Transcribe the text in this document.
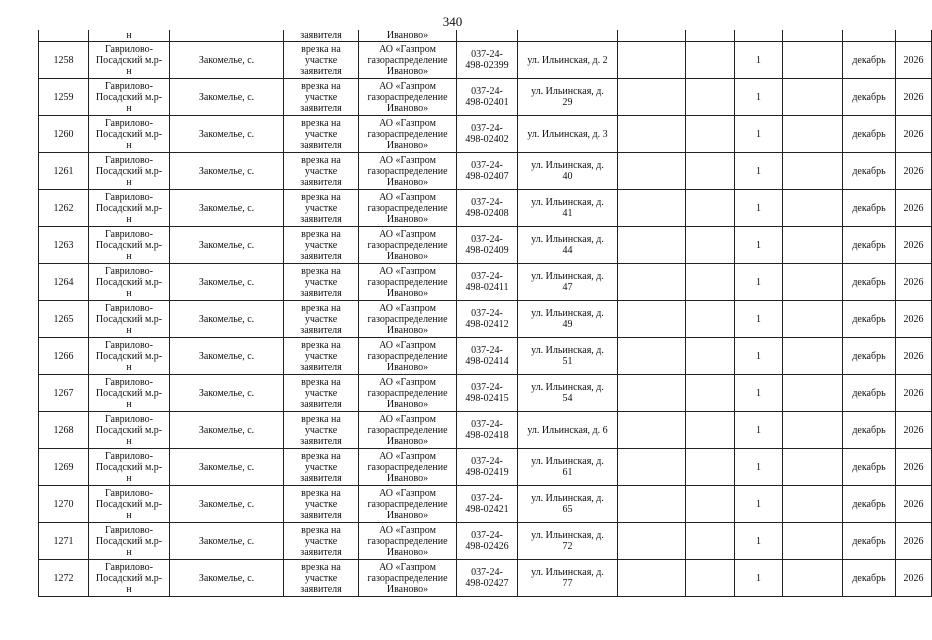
340
	н		заявителя	Иваново»								

1258	Гаврилово-
Посадский м.р-
н	Закомелье, с.	врезка на
участке
заявителя	АО «Газпром
газораспределение
Иваново»	037-24-
498-02399	ул. Ильинская, д. 2			1		декабрь	2026

1259	Гаврилово-
Посадский м.р-
н	Закомелье, с.	врезка на
участке
заявителя	АО «Газпром
газораспределение
Иваново»	037-24-
498-02401	ул. Ильинская, д.
29			1		декабрь	2026

1260	Гаврилово-
Посадский м.р-
н	Закомелье, с.	врезка на
участке
заявителя	АО «Газпром
газораспределение
Иваново»	037-24-
498-02402	ул. Ильинская, д. 3			1		декабрь	2026

1261	Гаврилово-
Посадский м.р-
н	Закомелье, с.	врезка на
участке
заявителя	АО «Газпром
газораспределение
Иваново»	037-24-
498-02407	ул. Ильинская, д.
40			1		декабрь	2026

1262	Гаврилово-
Посадский м.р-
н	Закомелье, с.	врезка на
участке
заявителя	АО «Газпром
газораспределение
Иваново»	037-24-
498-02408	ул. Ильинская, д.
41			1		декабрь	2026

1263	Гаврилово-
Посадский м.р-
н	Закомелье, с.	врезка на
участке
заявителя	АО «Газпром
газораспределение
Иваново»	037-24-
498-02409	ул. Ильинская, д.
44			1		декабрь	2026

1264	Гаврилово-
Посадский м.р-
н	Закомелье, с.	врезка на
участке
заявителя	АО «Газпром
газораспределение
Иваново»	037-24-
498-02411	ул. Ильинская, д.
47			1		декабрь	2026

1265	Гаврилово-
Посадский м.р-
н	Закомелье, с.	врезка на
участке
заявителя	АО «Газпром
газораспределение
Иваново»	037-24-
498-02412	ул. Ильинская, д.
49			1		декабрь	2026

1266	Гаврилово-
Посадский м.р-
н	Закомелье, с.	врезка на
участке
заявителя	АО «Газпром
газораспределение
Иваново»	037-24-
498-02414	ул. Ильинская, д.
51			1		декабрь	2026

1267	Гаврилово-
Посадский м.р-
н	Закомелье, с.	врезка на
участке
заявителя	АО «Газпром
газораспределение
Иваново»	037-24-
498-02415	ул. Ильинская, д.
54			1		декабрь	2026

1268	Гаврилово-
Посадский м.р-
н	Закомелье, с.	врезка на
участке
заявителя	АО «Газпром
газораспределение
Иваново»	037-24-
498-02418	ул. Ильинская, д. 6			1		декабрь	2026

1269	Гаврилово-
Посадский м.р-
н	Закомелье, с.	врезка на
участке
заявителя	АО «Газпром
газораспределение
Иваново»	037-24-
498-02419	ул. Ильинская, д.
61			1		декабрь	2026

1270	Гаврилово-
Посадский м.р-
н	Закомелье, с.	врезка на
участке
заявителя	АО «Газпром
газораспределение
Иваново»	037-24-
498-02421	ул. Ильинская, д.
65			1		декабрь	2026

1271	Гаврилово-
Посадский м.р-
н	Закомелье, с.	врезка на
участке
заявителя	АО «Газпром
газораспределение
Иваново»	037-24-
498-02426	ул. Ильинская, д.
72			1		декабрь	2026

1272	Гаврилово-
Посадский м.р-
н	Закомелье, с.	врезка на
участке
заявителя	АО «Газпром
газораспределение
Иваново»	037-24-
498-02427	ул. Ильинская, д.
77			1		декабрь	2026
